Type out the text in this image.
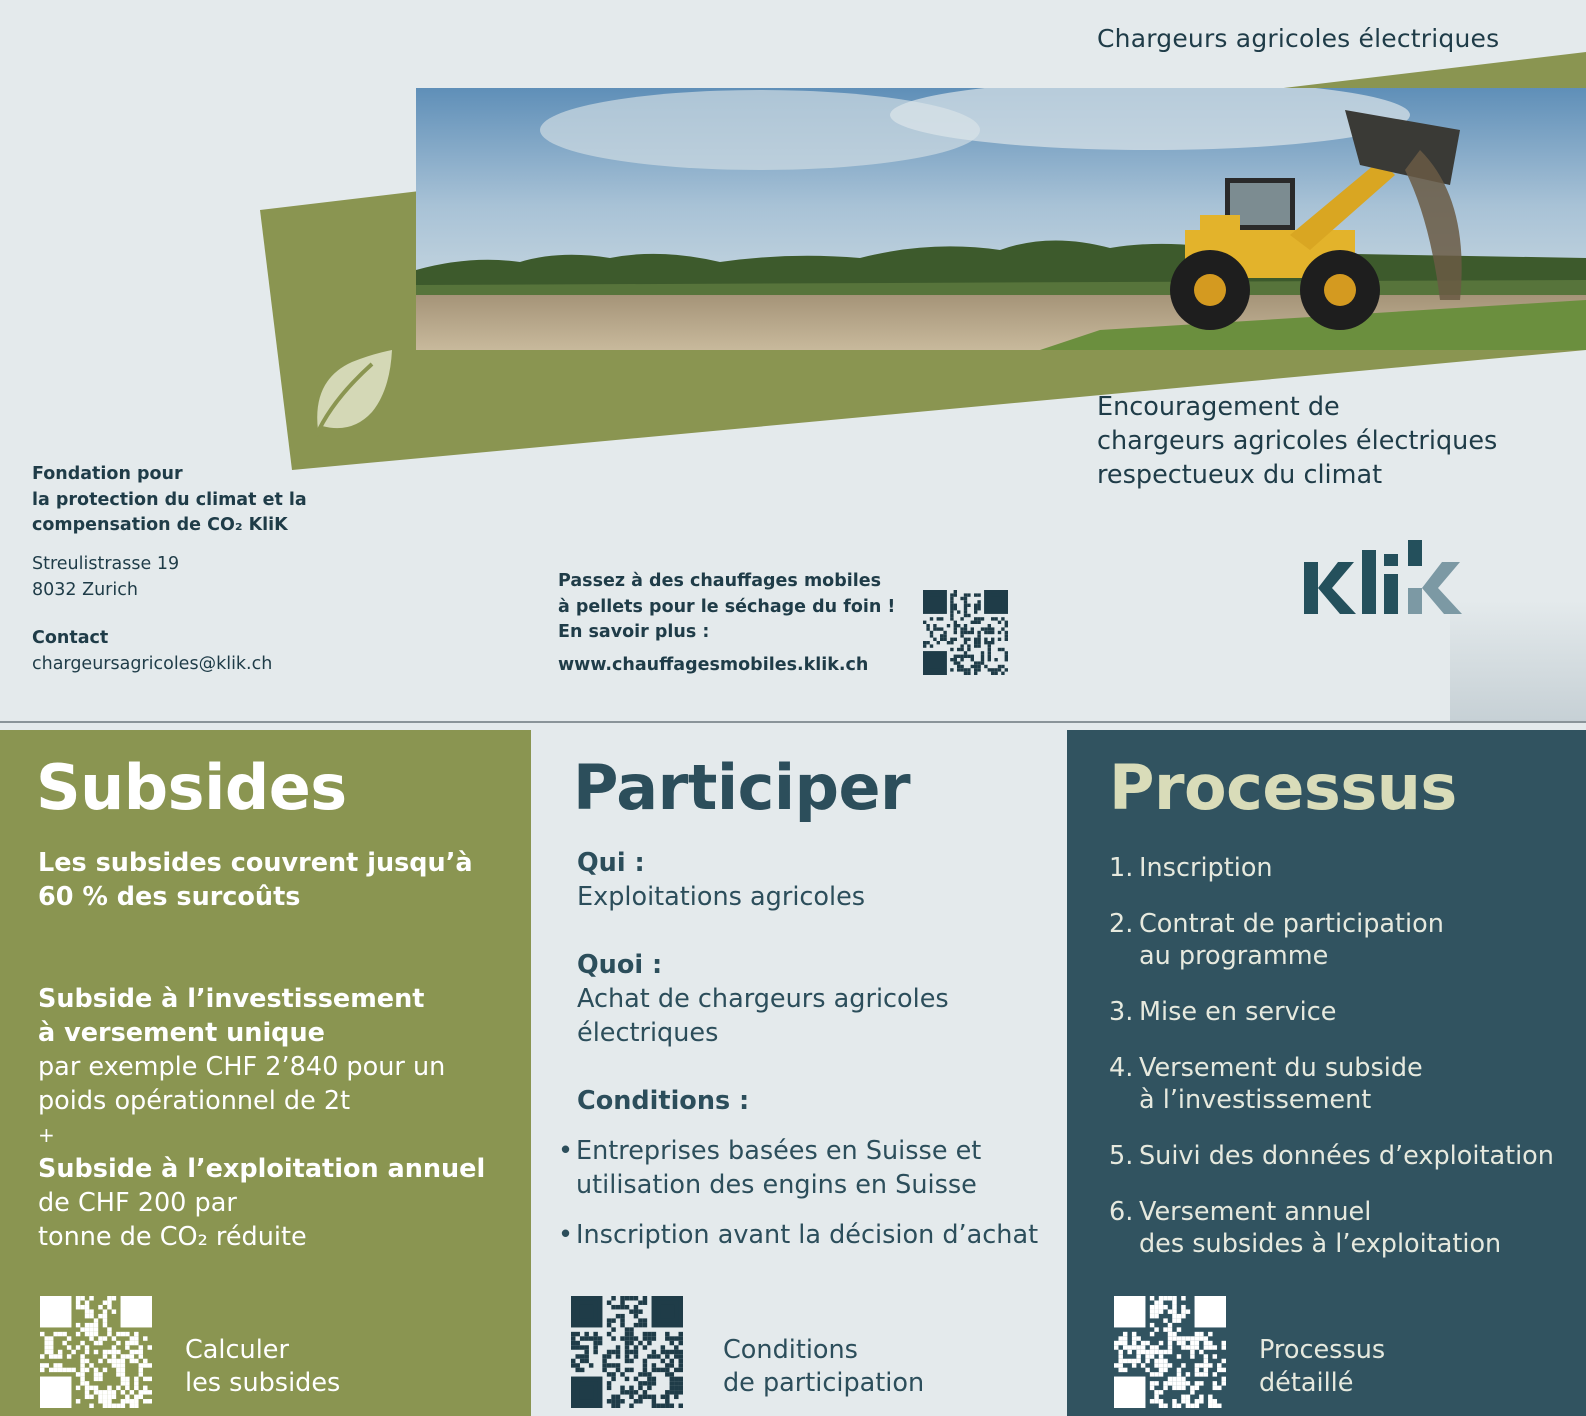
Chargeurs agricoles électriques
Encouragement de
chargeurs agricoles électriques
respectueux du climat
Fondation pour
la protection du climat et la
compensation de CO₂ KliK
Streulistrasse 19
8032 Zurich
Contact
chargeursagricoles@klik.ch
Passez à des chauffages mobiles
à pellets pour le séchage du foin !
En savoir plus :
www.chauffagesmobiles.klik.ch
Subsides
Les subsides couvrent jusqu’à
60 % des surcoûts
Subside à l’investissement
à versement unique
par exemple CHF 2’840 pour un
poids opérationnel de 2t
+
Subside à l’exploitation annuel
de CHF 200 par
tonne de CO₂ réduite
Calculer
les subsides
Participer
Qui :
Exploitations agricoles
Quoi :
Achat de chargeurs agricoles
électriques
Conditions :
• Entreprises basées en Suisse et
utilisation des engins en Suisse
• Inscription avant la décision d’achat
Conditions
de participation
Processus
1. Inscription
2. Contrat de participation
au programme
3. Mise en service
4. Versement du subside
à l’investissement
5. Suivi des données d’exploitation
6. Versement annuel
des subsides à l’exploitation
Processus
détaillé
